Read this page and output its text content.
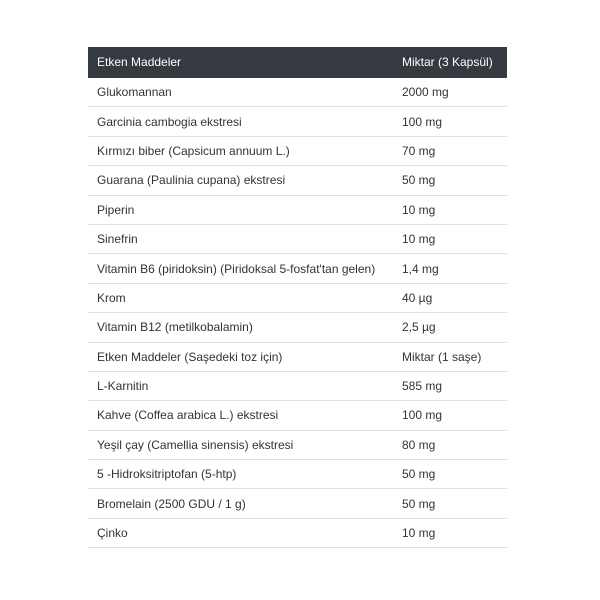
Etken Maddeler	Miktar (3 Kapsül)
Glukomannan	2000 mg
Garcinia cambogia ekstresi	100 mg
Kırmızı biber (Capsicum annuum L.)	70 mg
Guarana (Paulinia cupana) ekstresi	50 mg
Piperin	10 mg
Sinefrin	10 mg
Vitamin B6 (piridoksin) (Piridoksal 5-fosfat'tan gelen)	1,4 mg
Krom	40 µg
Vitamin B12 (metilkobalamin)	2,5 µg
Etken Maddeler (Saşedeki toz için)	Miktar (1 saşe)
L-Karnitin	585 mg
Kahve (Coffea arabica L.) ekstresi	100 mg
Yeşil çay (Camellia sinensis) ekstresi	80 mg
5 -Hidroksitriptofan (5-htp)	50 mg
Bromelain (2500 GDU / 1 g)	50 mg
Çinko	10 mg
